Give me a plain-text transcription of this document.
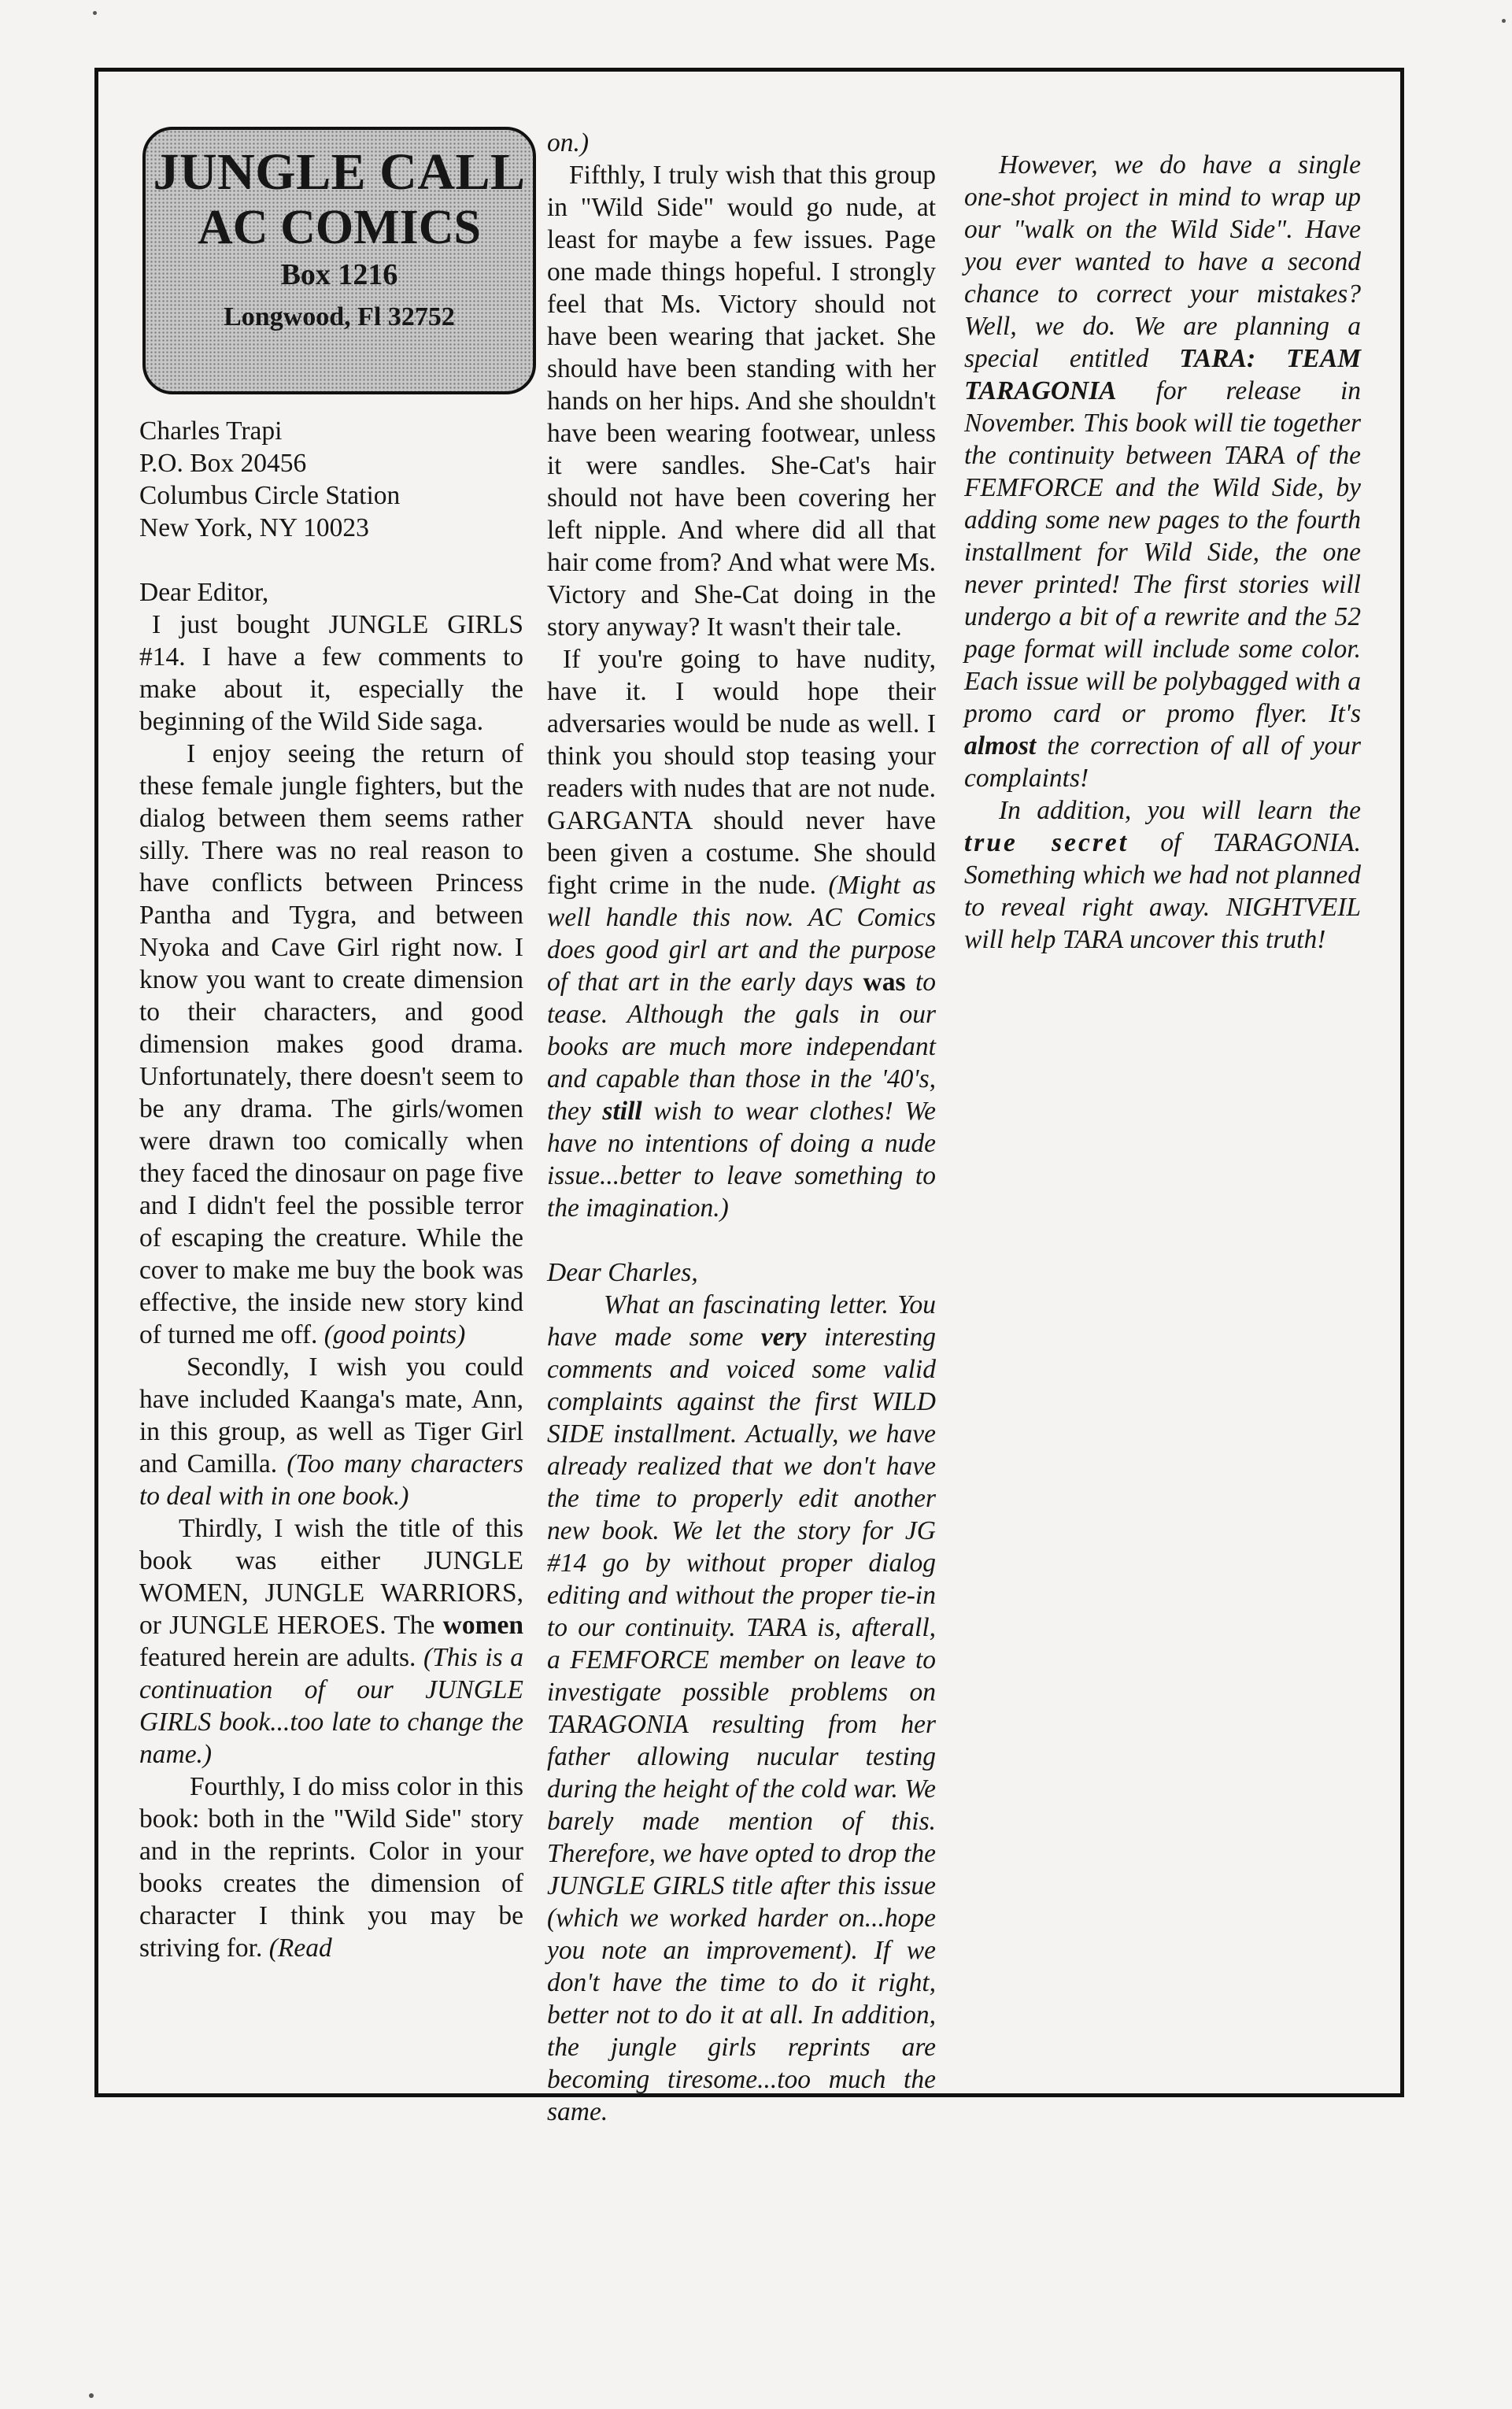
JUNGLE CALL
AC COMICS
Box 1216
Longwood, Fl 32752
Charles Trapi
P.O. Box 20456
Columbus Circle Station
New York, NY 10023

Dear Editor,

I just bought JUNGLE GIRLS #14. I have a few comments to make about it, especially the beginning of the Wild Side saga.

I enjoy seeing the return of these female jungle fighters, but the dialog between them seems rather silly. There was no real reason to have conflicts between Princess Pantha and Tygra, and between Nyoka and Cave Girl right now. I know you want to create dimension to their characters, and good dimension makes good drama. Unfortunately, there doesn't seem to be any drama. The girls/women were drawn too comically when they faced the dinosaur on page five and I didn't feel the possible terror of escaping the creature. While the cover to make me buy the book was effective, the inside new story kind of turned me off. (good points)

Secondly, I wish you could have included Kaanga's mate, Ann, in this group, as well as Tiger Girl and Camilla. (Too many characters to deal with in one book.)

Thirdly, I wish the title of this book was either JUNGLE WOMEN, JUNGLE WARRIORS, or JUNGLE HEROES. The women featured herein are adults. (This is a continuation of our JUNGLE GIRLS book...too late to change the name.)

Fourthly, I do miss color in this book: both in the "Wild Side" story and in the reprints. Color in your books creates the dimension of character I think you may be striving for. (Read

on.)

Fifthly, I truly wish that this group in "Wild Side" would go nude, at least for maybe a few issues. Page one made things hopeful. I strongly feel that Ms. Victory should not have been wearing that jacket. She should have been standing with her hands on her hips. And she shouldn't have been wearing footwear, unless it were sandles. She-Cat's hair should not have been covering her left nipple. And where did all that hair come from? And what were Ms. Victory and She-Cat doing in the story anyway? It wasn't their tale.

If you're going to have nudity, have it. I would hope their adversaries would be nude as well. I think you should stop teasing your readers with nudes that are not nude. GARGANTA should never have been given a costume. She should fight crime in the nude. (Might as well handle this now. AC Comics does good girl art and the purpose of that art in the early days was to tease. Although the gals in our books are much more independant and capable than those in the '40's, they still wish to wear clothes! We have no intentions of doing a nude issue...better to leave something to the imagination.)

Dear Charles,

What an fascinating letter. You have made some very interesting comments and voiced some valid complaints against the first WILD SIDE installment. Actually, we have already realized that we don't have the time to properly edit another new book. We let the story for JG #14 go by without proper dialog editing and without the proper tie-in to our continuity. TARA is, afterall, a FEMFORCE member on leave to investigate possible problems on TARAGONIA resulting from her father allowing nucular testing during the height of the cold war. We barely made mention of this. Therefore, we have opted to drop the JUNGLE GIRLS title after this issue (which we worked harder on...hope you note an improvement). If we don't have the time to do it right, better not to do it at all. In addition, the jungle girls reprints are becoming tiresome...too much the same.

However, we do have a single one-shot project in mind to wrap up our "walk on the Wild Side". Have you ever wanted to have a second chance to correct your mistakes? Well, we do. We are planning a special entitled TARA: TEAM TARAGONIA for release in November. This book will tie together the continuity between TARA of the FEMFORCE and the Wild Side, by adding some new pages to the fourth installment for Wild Side, the one never printed! The first stories will undergo a bit of a rewrite and the 52 page format will include some color. Each issue will be polybagged with a promo card or promo flyer. It's almost the correction of all of your complaints!

In addition, you will learn the true secret of TARAGONIA. Something which we had not planned to reveal right away. NIGHTVEIL will help TARA uncover this truth!
